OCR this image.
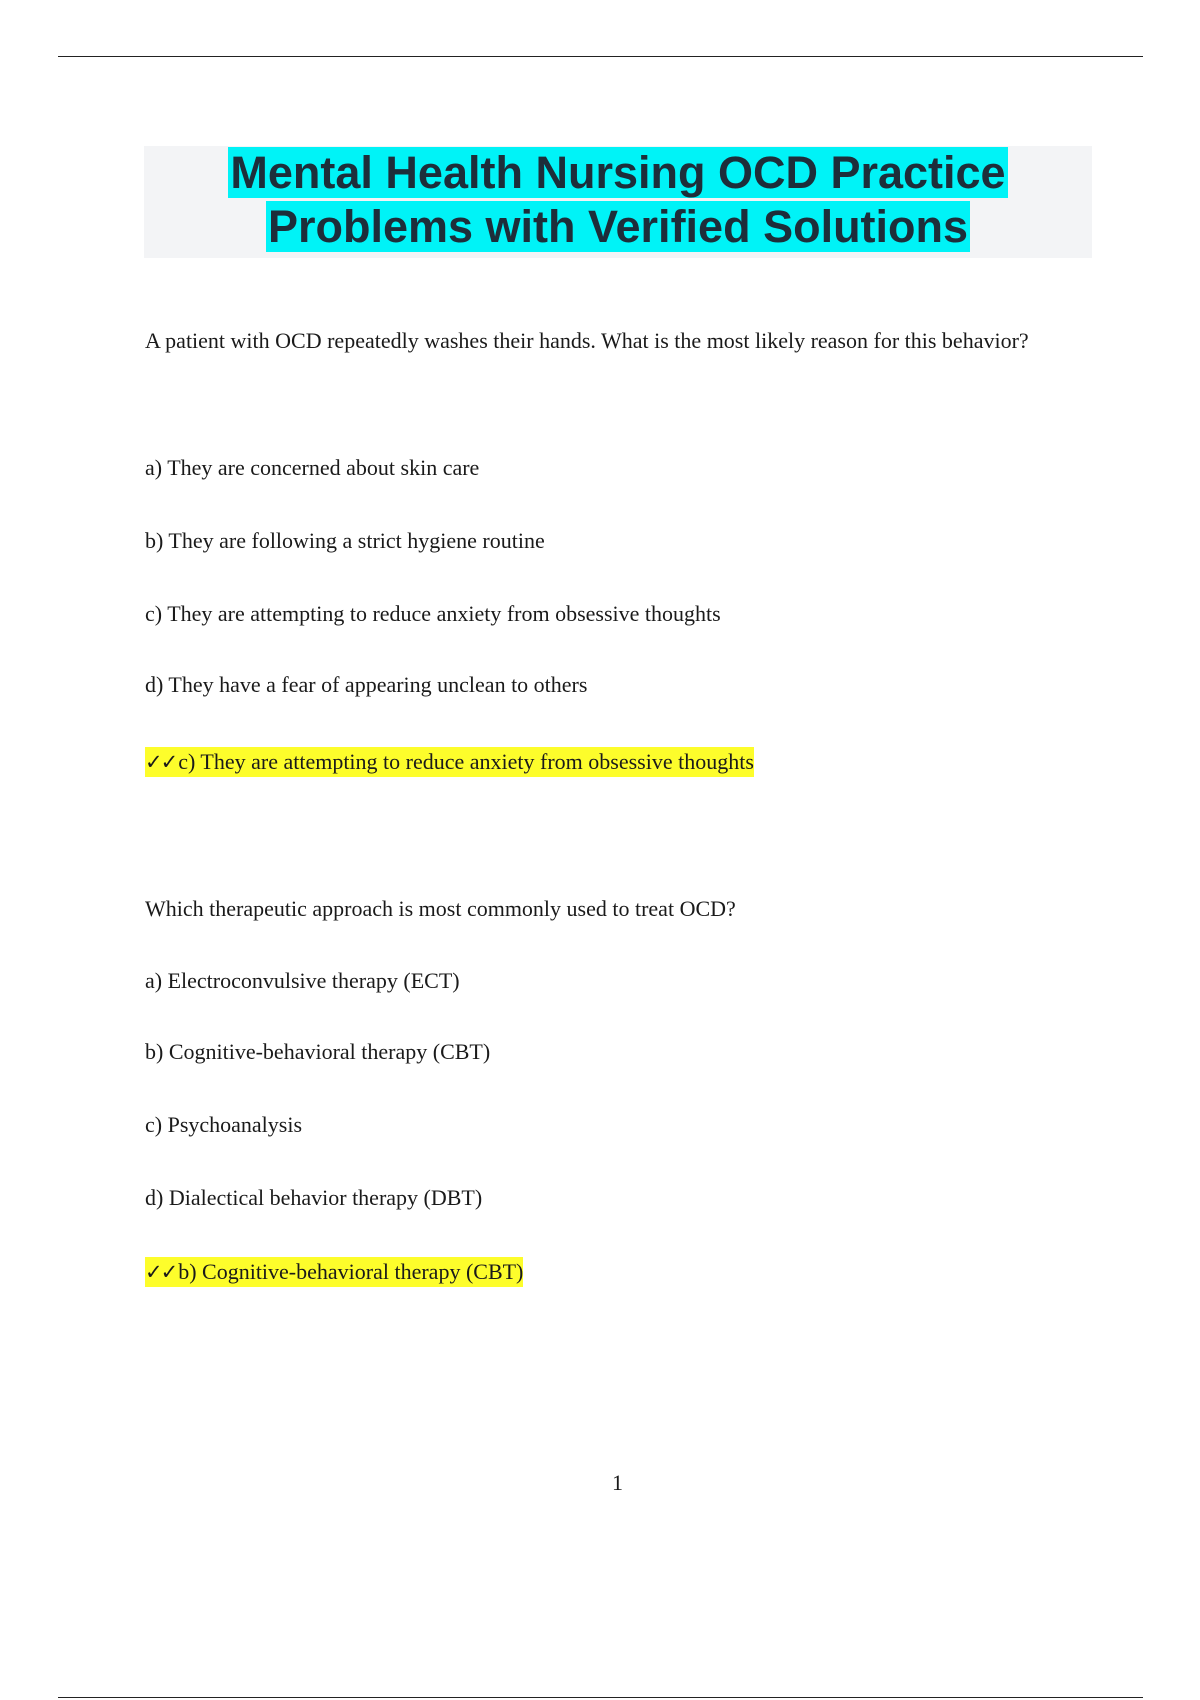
Mental Health Nursing OCD Practice Problems with Verified Solutions
A patient with OCD repeatedly washes their hands. What is the most likely reason for this behavior?
a) They are concerned about skin care
b) They are following a strict hygiene routine
c) They are attempting to reduce anxiety from obsessive thoughts
d) They have a fear of appearing unclean to others
✓✓c) They are attempting to reduce anxiety from obsessive thoughts
Which therapeutic approach is most commonly used to treat OCD?
a) Electroconvulsive therapy (ECT)
b) Cognitive-behavioral therapy (CBT)
c) Psychoanalysis
d) Dialectical behavior therapy (DBT)
✓✓b) Cognitive-behavioral therapy (CBT)
1
